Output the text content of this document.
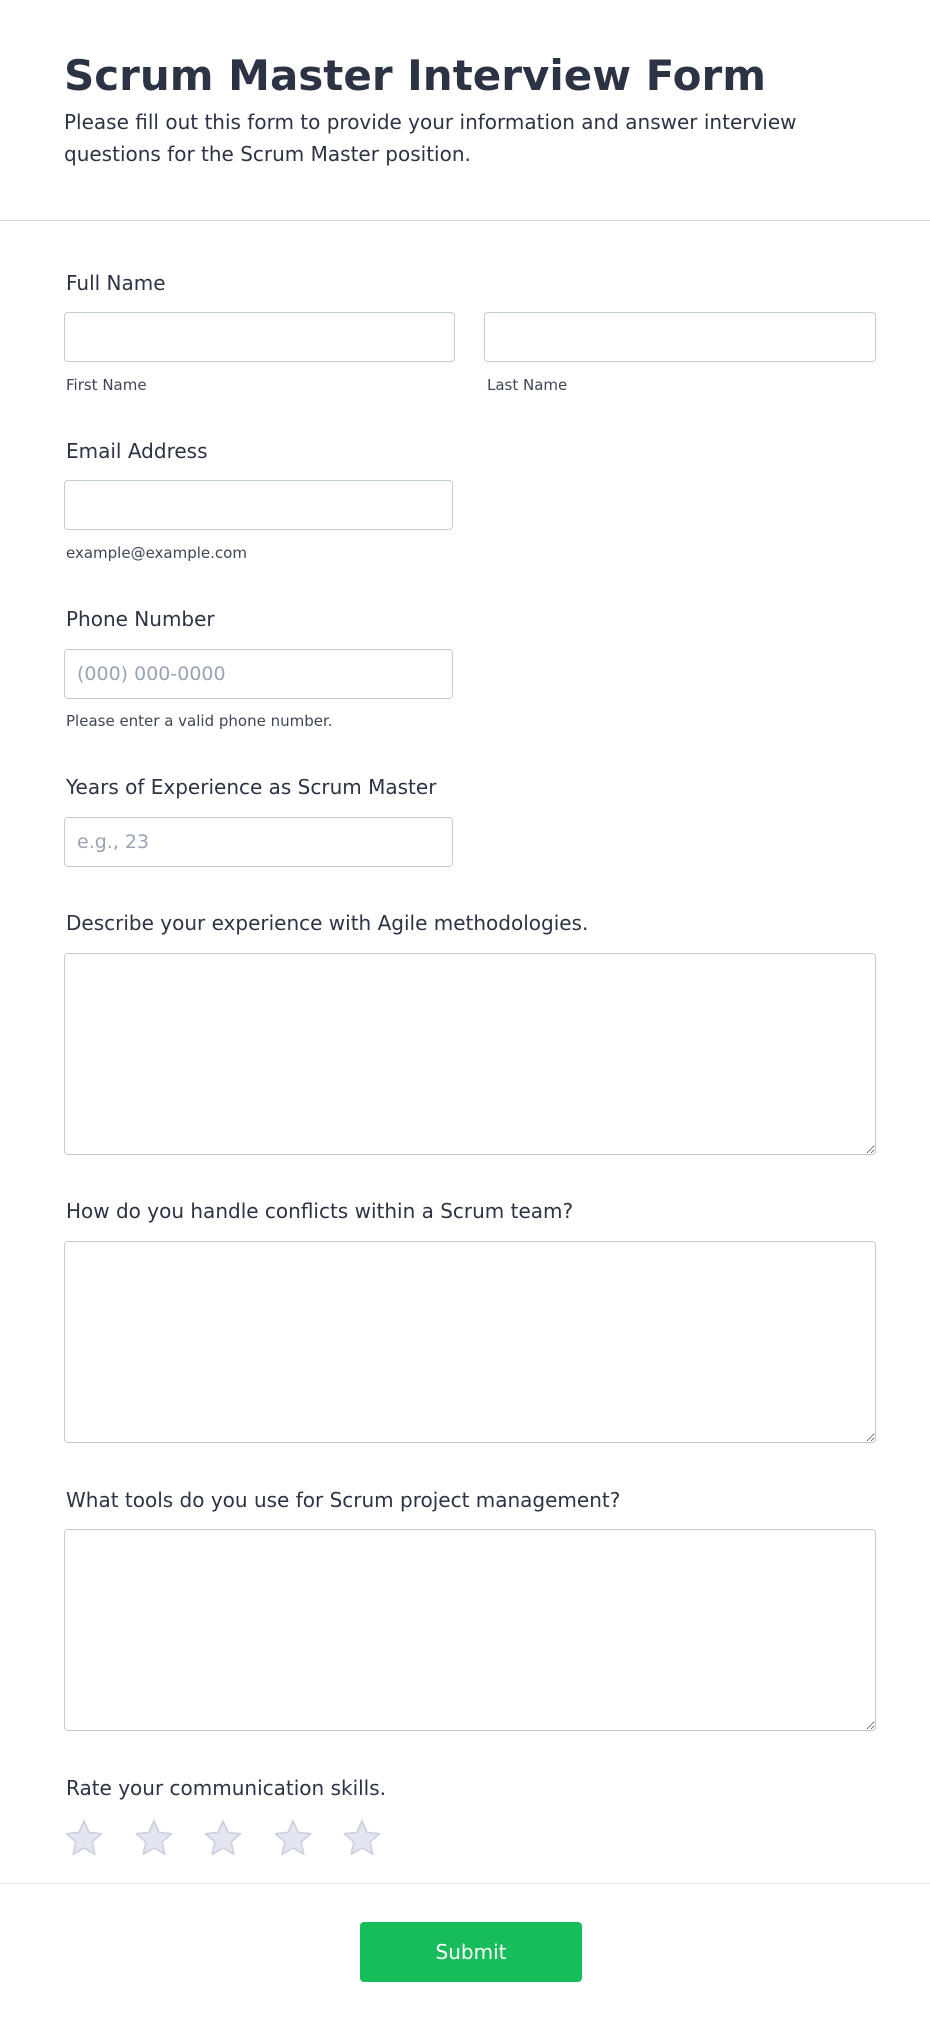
Scrum Master Interview Form

Please fill out this form to provide your information and answer interview questions for the Scrum Master position.

Full Name
First Name	Last Name
Email Address
example@example.com
Phone Number
(000) 000-0000
Please enter a valid phone number.
Years of Experience as Scrum Master
e.g., 23
Describe your experience with Agile methodologies.
How do you handle conflicts within a Scrum team?
What tools do you use for Scrum project management?
Rate your communication skills.
Submit
